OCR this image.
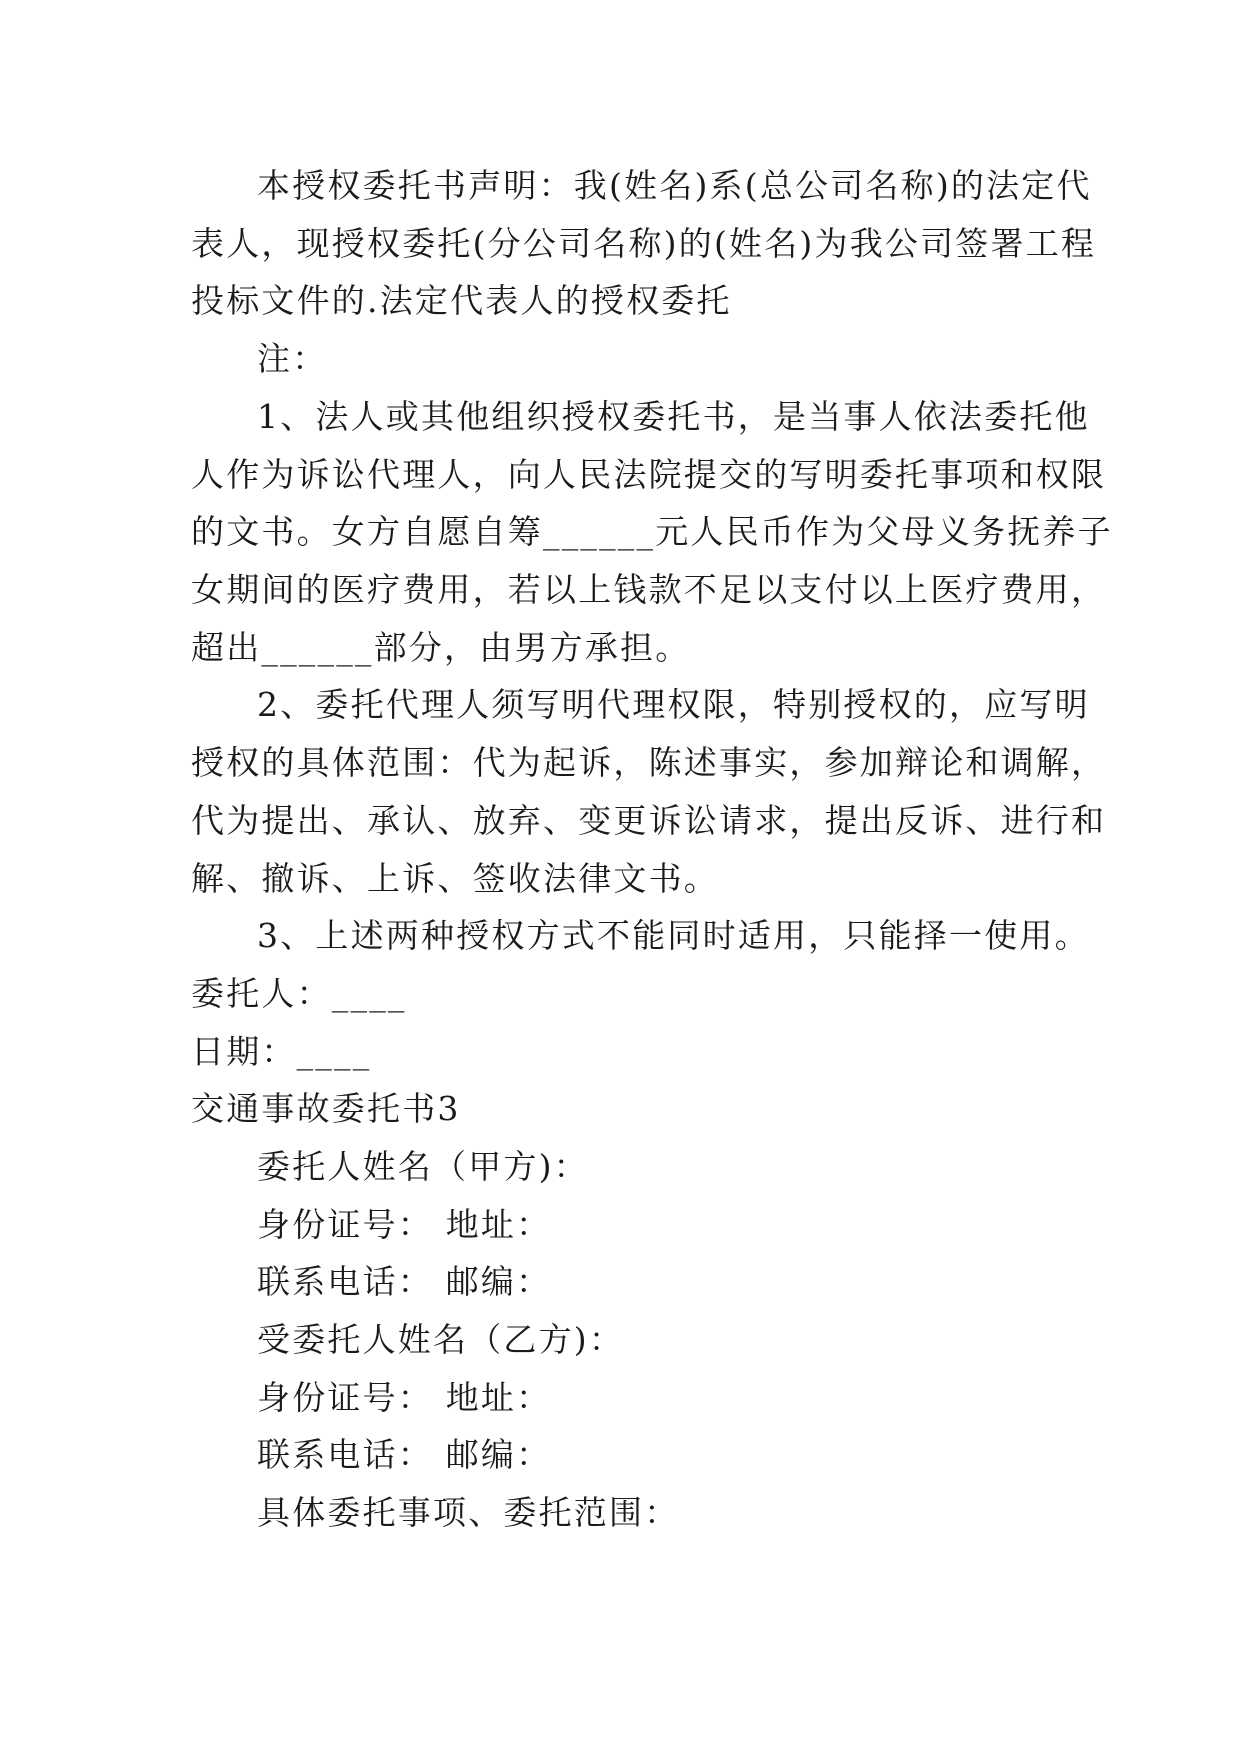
本授权委托书声明：我(姓名)系(总公司名称)的法定代
表人，现授权委托(分公司名称)的(姓名)为我公司签署工程
投标文件的.法定代表人的授权委托
注：
1、法人或其他组织授权委托书，是当事人依法委托他
人作为诉讼代理人，向人民法院提交的写明委托事项和权限
的文书。女方自愿自筹______元人民币作为父母义务抚养子
女期间的医疗费用，若以上钱款不足以支付以上医疗费用，
超出______部分，由男方承担。
2、委托代理人须写明代理权限，特别授权的，应写明
授权的具体范围：代为起诉，陈述事实，参加辩论和调解，
代为提出、承认、放弃、变更诉讼请求，提出反诉、进行和
解、撤诉、上诉、签收法律文书。
3、上述两种授权方式不能同时适用，只能择一使用。
委托人：____
日期：____
交通事故委托书3
委托人姓名（甲方)：
身份证号： 地址：
联系电话： 邮编：
受委托人姓名（乙方)：
身份证号： 地址：
联系电话： 邮编：
具体委托事项、委托范围：
